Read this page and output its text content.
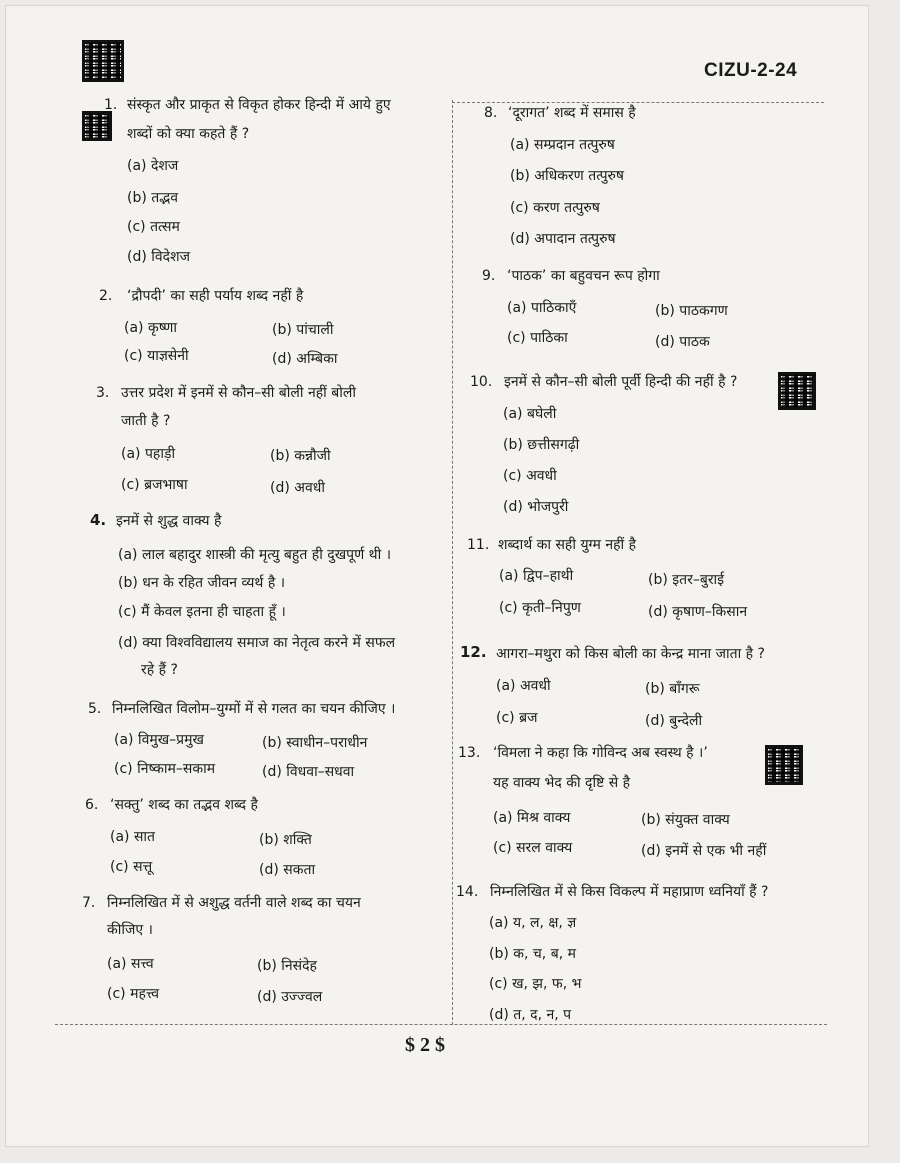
CIZU-2-24
1. संस्कृत और प्राकृत से विकृत होकर हिन्दी में आये हुए
शब्दों को क्या कहते हैं ?
(a) देशज
(b) तद्भव
(c) तत्सम
(d) विदेशज
2. ‘द्रौपदी’ का सही पर्याय शब्द नहीं है
(a) कृष्णा	(b) पांचाली
(c) याज्ञसेनी	(d) अम्बिका
3. उत्तर प्रदेश में इनमें से कौन–सी बोली नहीं बोली
जाती है ?
(a) पहाड़ी	(b) कन्नौजी
(c) ब्रजभाषा	(d) अवधी
4. इनमें से शुद्ध वाक्य है
(a) लाल बहादुर शास्त्री की मृत्यु बहुत ही दुखपूर्ण थी ।
(b) धन के रहित जीवन व्यर्थ है ।
(c) मैं केवल इतना ही चाहता हूँ ।
(d) क्या विश्वविद्यालय समाज का नेतृत्व करने में सफल
रहे हैं ?
5. निम्नलिखित विलोम–युग्मों में से गलत का चयन कीजिए ।
(a) विमुख–प्रमुख	(b) स्वाधीन–पराधीन
(c) निष्काम–सकाम	(d) विधवा–सधवा
6. ‘सक्तु’ शब्द का तद्भव शब्द है
(a) सात	(b) शक्ति
(c) सत्तू	(d) सकता
7. निम्नलिखित में से अशुद्ध वर्तनी वाले शब्द का चयन
कीजिए ।
(a) सत्त्व	(b) निसंदेह
(c) महत्त्व	(d) उज्ज्वल
8. ‘दूरागत’ शब्द में समास है
(a) सम्प्रदान तत्पुरुष
(b) अधिकरण तत्पुरुष
(c) करण तत्पुरुष
(d) अपादान तत्पुरुष
9. ‘पाठक’ का बहुवचन रूप होगा
(a) पाठिकाएँ	(b) पाठकगण
(c) पाठिका	(d) पाठक
10. इनमें से कौन–सी बोली पूर्वी हिन्दी की नहीं है ?
(a) बघेली
(b) छत्तीसगढ़ी
(c) अवधी
(d) भोजपुरी
11. शब्दार्थ का सही युग्म नहीं है
(a) द्विप–हाथी	(b) इतर–बुराई
(c) कृती–निपुण	(d) कृषाण–किसान
12. आगरा–मथुरा को किस बोली का केन्द्र माना जाता है ?
(a) अवधी	(b) बाँगरू
(c) ब्रज	(d) बुन्देली
13. ‘विमला ने कहा कि गोविन्द अब स्वस्थ है ।’
यह वाक्य भेद की दृष्टि से है
(a) मिश्र वाक्य	(b) संयुक्त वाक्य
(c) सरल वाक्य	(d) इनमें से एक भी नहीं
14. निम्नलिखित में से किस विकल्प में महाप्राण ध्वनियाँ हैं ?
(a) य, ल, क्ष, ज्ञ
(b) क, च, ब, म
(c) ख, झ, फ, भ
(d) त, द, न, प
$ 2 $
